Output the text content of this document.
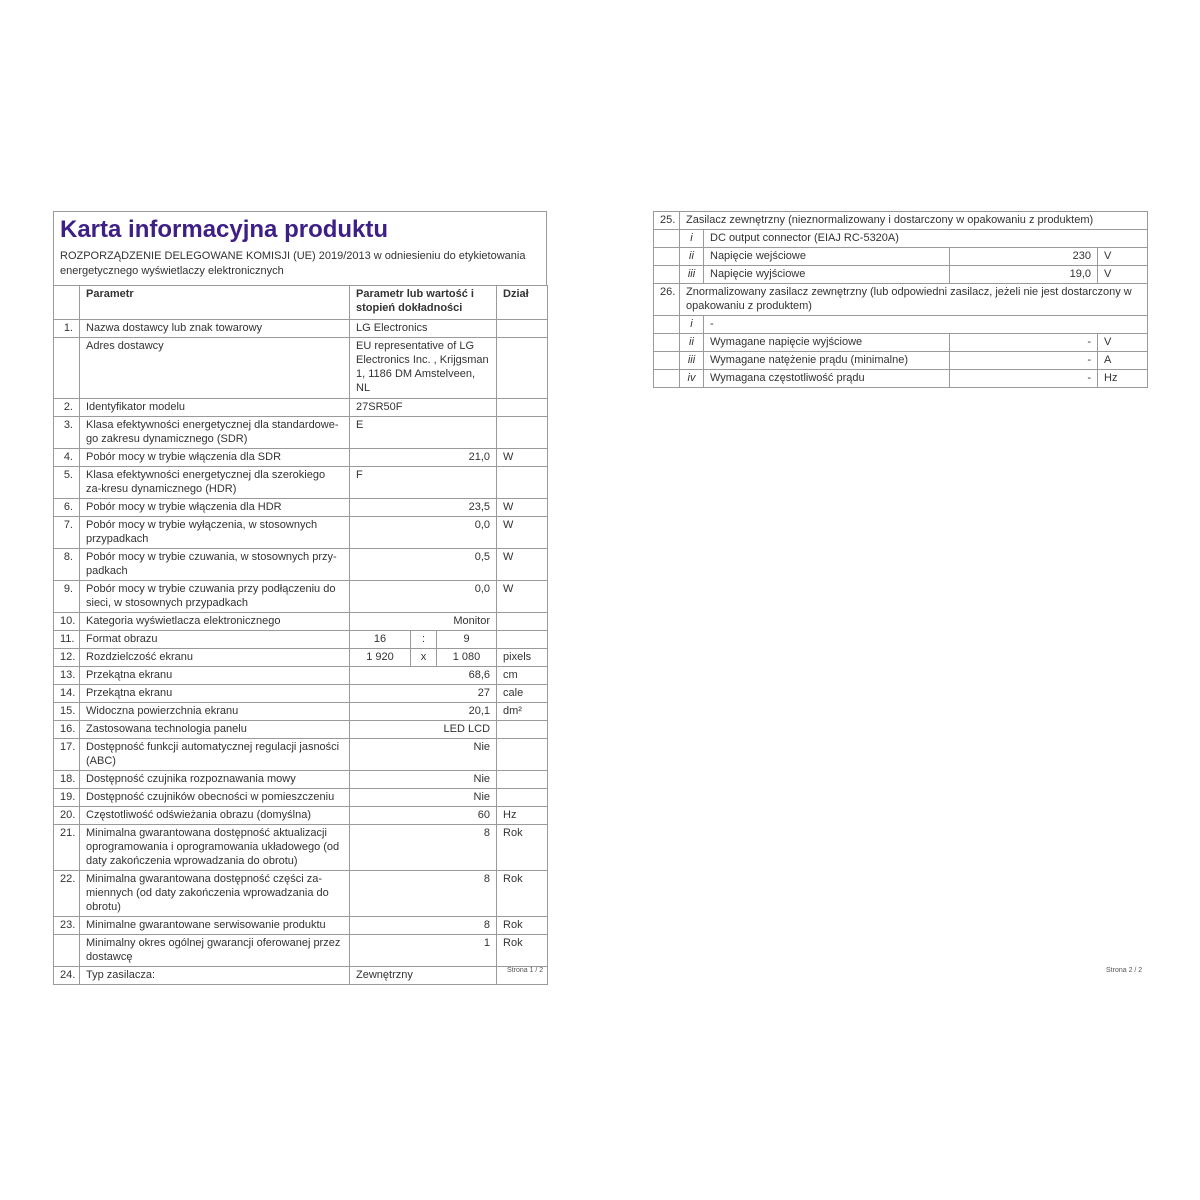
Karta informacyjna produktu
ROZPORZĄDZENIE DELEGOWANE KOMISJI (UE) 2019/2013 w odniesieniu do etykietowania energetycznego wyświetlaczy elektronicznych
	Parametr	Parametr lub wartość i stopień dokładności			Dział
1.	Nazwa dostawcy lub znak towarowy	LG Electronics			
	Adres dostawcy	EU representative of LG Electronics Inc. , Krijgsman 1, 1186 DM Amstelveen, NL			
2.	Identyfikator modelu	27SR50F			
3.	Klasa efektywności energetycznej dla standardowe-go zakresu dynamicznego (SDR)	E			
4.	Pobór mocy w trybie włączenia dla SDR	21,0			W
5.	Klasa efektywności energetycznej dla szerokiego za-kresu dynamicznego (HDR)	F			
6.	Pobór mocy w trybie włączenia dla HDR	23,5			W
7.	Pobór mocy w trybie wyłączenia, w stosownych przypadkach	0,0			W
8.	Pobór mocy w trybie czuwania, w stosownych przy-padkach	0,5			W
9.	Pobór mocy w trybie czuwania przy podłączeniu do sieci, w stosownych przypadkach	0,0			W
10.	Kategoria wyświetlacza elektronicznego	Monitor			
11.	Format obrazu	16	:	9	
12.	Rozdzielczość ekranu	1 920	x	1 080	pixels
13.	Przekątna ekranu	68,6			cm
14.	Przekątna ekranu	27			cale
15.	Widoczna powierzchnia ekranu	20,1			dm²
16.	Zastosowana technologia panelu	LED LCD			
17.	Dostępność funkcji automatycznej regulacji jasności (ABC)	Nie			
18.	Dostępność czujnika rozpoznawania mowy	Nie			
19.	Dostępność czujników obecności w pomieszczeniu	Nie			
20.	Częstotliwość odświeżania obrazu (domyślna)	60			Hz
21.	Minimalna gwarantowana dostępność aktualizacji oprogramowania i oprogramowania układowego (od daty zakończenia wprowadzania do obrotu)	8			Rok
22.	Minimalna gwarantowana dostępność części za-miennych (od daty zakończenia wprowadzania do obrotu)	8			Rok
23.	Minimalne gwarantowane serwisowanie produktu	8			Rok
	Minimalny okres ogólnej gwarancji oferowanej przez dostawcę	1			Rok
24.	Typ zasilacza:	Zewnętrzny				Strona 1 / 2
25.	Zasilacz zewnętrzny (nieznormalizowany i dostarczony w opakowaniu z produktem)			
	i	DC output connector (EIAJ RC-5320A)		
	ii	Napięcie wejściowe	230	V
	iii	Napięcie wyjściowe	19,0	V
26.	Znormalizowany zasilacz zewnętrzny (lub odpowiedni zasilacz, jeżeli nie jest dostarczony w opakowaniu z produktem)			
	i	-		
	ii	Wymagane napięcie wyjściowe	-	V
	iii	Wymagane natężenie prądu (minimalne)	-	A
	iv	Wymagana częstotliwość prądu	-	Hz
Strona 2 / 2
